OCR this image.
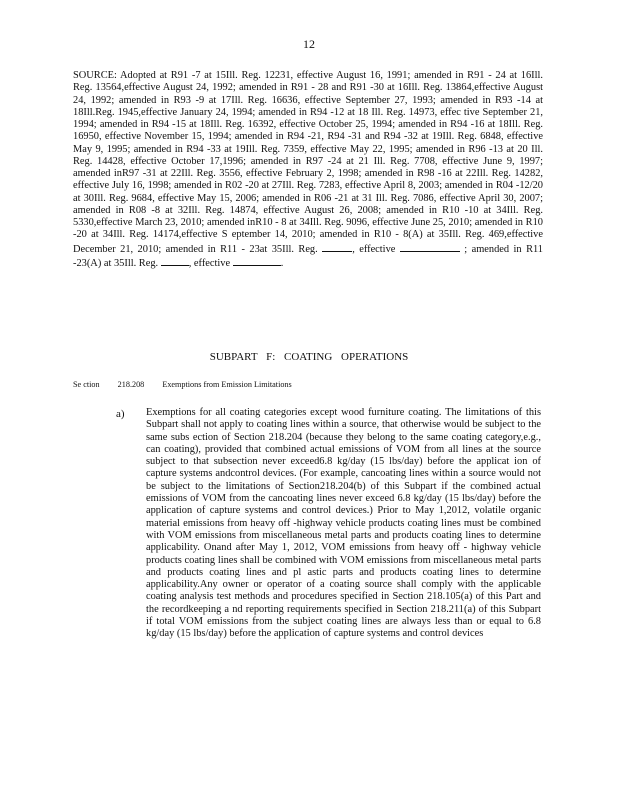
12
SOURCE: Adopted at R91 -7 at 15Ill. Reg. 12231, effective August 16, 1991; amended in R91 - 24 at 16Ill. Reg. 13564,effective August 24, 1992; amended in R91 - 28 and R91 -30 at 16Ill. Reg. 13864,effective August 24, 1992; amended in R93 -9 at 17Ill. Reg. 16636, effective September 27, 1993; amended in R93 -14 at 18Ill.Reg. 1945,effective January 24, 1994; amended in R94 -12 at 18 Ill. Reg. 14973, effec tive September 21, 1994; amended in R94 -15 at 18Ill. Reg. 16392, effective October 25, 1994; amended in R94 -16 at 18Ill. Reg. 16950, effective November 15, 1994; amended in R94 -21, R94 -31 and R94 -32 at 19Ill. Reg. 6848, effective May 9, 1995; amended in R94 -33 at 19Ill. Reg. 7359, effective May 22, 1995; amended in R96 -13 at 20 Ill. Reg. 14428, effective October 17,1996; amended in R97 -24 at 21 Ill. Reg. 7708, effective June 9, 1997; amended inR97 -31 at 22Ill. Reg. 3556, effective February 2, 1998; amended in R98 -16 at 22Ill. Reg. 14282, effective July 16, 1998; amended in R02 -20 at 27Ill. Reg. 7283, effective April 8, 2003; amended in R04 -12/20 at 30Ill. Reg. 9684, effective May 15, 2006; amended in R06 -21 at 31 Ill. Reg. 7086, effective April 30, 2007; amended in R08 -8 at 32Ill. Reg. 14874, effective August 26, 2008; amended in R10 -10 at 34Ill. Reg. 5330,effective March 23, 2010; amended inR10 - 8 at 34Ill. Reg. 9096, effective June 25, 2010; amended in R10 -20 at 34Ill. Reg. 14174,effective S eptember 14, 2010; amended in R10 - 8(A) at 35Ill. Reg. 469,effective December 21, 2010; amended in R11 - 23at 35Ill. Reg.	, effective	; amended in R11 -23(A) at 35Ill. Reg.	, effective	.
SUBPART F: COATING OPERATIONS
Se ction 218.208 Exemptions from Emission Limitations
a) Exemptions for all coating categories except wood furniture coating. The limitations of this Subpart shall not apply to coating lines within a source, that otherwise would be subject to the same subs ection of Section 218.204 (because they belong to the same coating category,e.g., can coating), provided that combined actual emissions of VOM from all lines at the source subject to that subsection never exceed6.8 kg/day (15 lbs/day) before the applicat ion of capture systems andcontrol devices. (For example, cancoating lines within a source would not be subject to the limitations of Section218.204(b) of this Subpart if the combined actual emissions of VOM from the cancoating lines never exceed 6.8 kg/day (15 lbs/day) before the application of capture systems and control devices.) Prior to May 1,2012, volatile organic material emissions from heavy off -highway vehicle products coating lines must be combined with VOM emissions from miscellaneous metal parts and products coating lines to determine applicability. Onand after May 1, 2012, VOM emissions from heavy off - highway vehicle products coating lines shall be combined with VOM emissions from miscellaneous metal parts and products coating lines and pl astic parts and products coating lines to determine applicability.Any owner or operator of a coating source shall comply with the applicable coating analysis test methods and procedures specified in Section 218.105(a) of this Part and the recordkeeping a nd reporting requirements specified in Section 218.211(a) of this Subpart if total VOM emissions from the subject coating lines are always less than or equal to 6.8 kg/day (15 lbs/day) before the application of capture systems and control devices
